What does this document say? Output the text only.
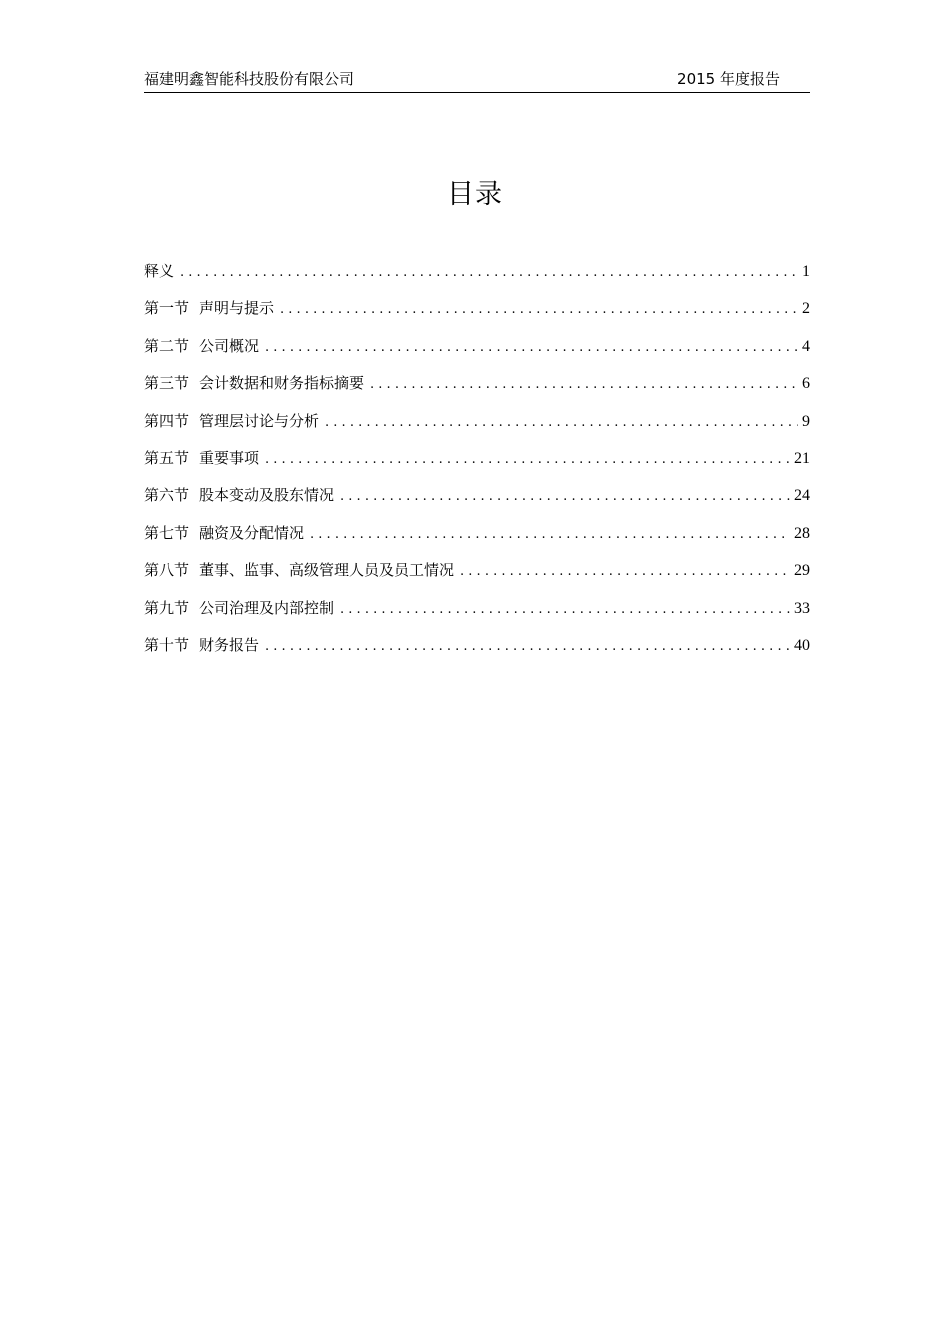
福建明鑫智能科技股份有限公司	2015 年度报告
目录
释义 . . .	1
第一节 声明与提示 . . .	2
第二节 公司概况 . . .	4
第三节 会计数据和财务指标摘要 . . .	6
第四节 管理层讨论与分析 . . .	9
第五节 重要事项 . . .	21
第六节 股本变动及股东情况 . . .	24
第七节 融资及分配情况 . . .	28
第八节 董事、监事、高级管理人员及员工情况 . . .	29
第九节 公司治理及内部控制 . . .	33
第十节 财务报告 . . .	40
